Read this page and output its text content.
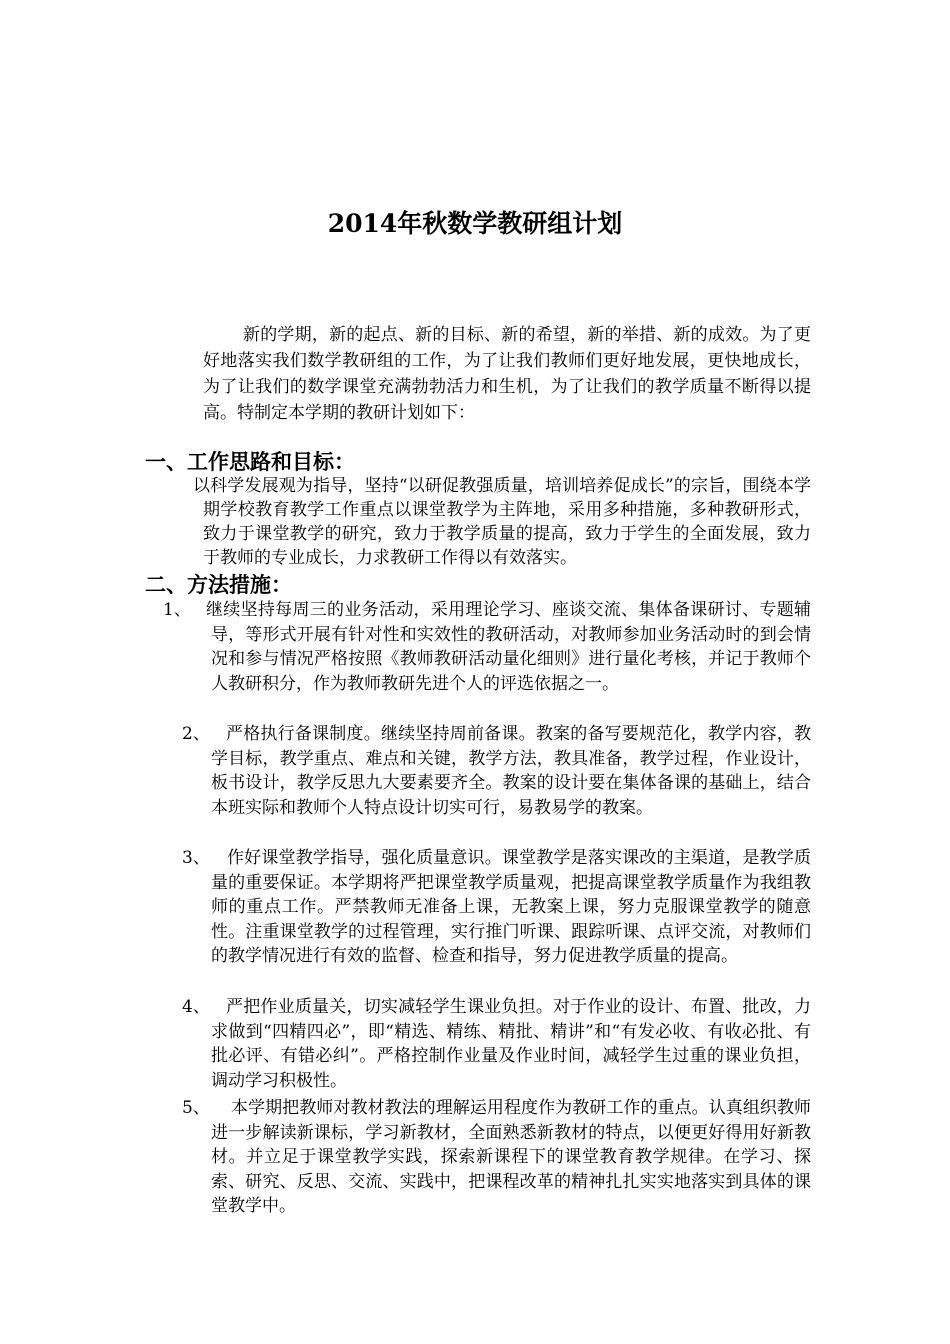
2014年秋数学教研组计划

新的学期，新的起点、新的目标、新的希望，新的举措、新的成效。为了更好地落实我们数学教研组的工作，为了让我们教师们更好地发展，更快地成长，为了让我们的数学课堂充满勃勃活力和生机，为了让我们的教学质量不断得以提高。特制定本学期的教研计划如下：

一、工作思路和目标：

以科学发展观为指导，坚持“以研促教强质量，培训培养促成长”的宗旨，围绕本学期学校教育教学工作重点以课堂教学为主阵地，采用多种措施，多种教研形式，致力于课堂教学的研究，致力于教学质量的提高，致力于学生的全面发展，致力于教师的专业成长，力求教研工作得以有效落实。

二、方法措施：
1、 继续坚持每周三的业务活动，采用理论学习、座谈交流、集体备课研讨、专题辅导，等形式开展有针对性和实效性的教研活动，对教师参加业务活动时的到会情况和参与情况严格按照《教师教研活动量化细则》进行量化考核，并记于教师个人教研积分，作为教师教研先进个人的评选依据之一。

2、 严格执行备课制度。继续坚持周前备课。教案的备写要规范化，教学内容，教学目标，教学重点、难点和关键，教学方法，教具准备，教学过程，作业设计，板书设计，教学反思九大要素要齐全。教案的设计要在集体备课的基础上，结合本班实际和教师个人特点设计切实可行，易教易学的教案。

3、	作好课堂教学指导，强化质量意识。课堂教学是落实课改的主渠道，是教学质量的重要保证。本学期将严把课堂教学质量观，把提高课堂教学质量作为我组教师的重点工作。严禁教师无准备上课，无教案上课，努力克服课堂教学的随意性。注重课堂教学的过程管理，实行推门听课、跟踪听课、点评交流，对教师们的教学情况进行有效的监督、检查和指导，努力促进教学质量的提高。

4、 严把作业质量关，切实减轻学生课业负担。对于作业的设计、布置、批改，力求做到“四精四必”，即“精选、精练、精批、精讲”和“有发必收、有收必批、有批必评、有错必纠”。严格控制作业量及作业时间，减轻学生过重的课业负担，调动学习积极性。

5、	本学期把教师对教材教法的理解运用程度作为教研工作的重点。认真组织教师进一步解读新课标，学习新教材，全面熟悉新教材的特点，以便更好得用好新教材。并立足于课堂教学实践，探索新课程下的课堂教育教学规律。在学习、探索、研究、反思、交流、实践中，把课程改革的精神扎扎实实地落实到具体的课堂教学中。
